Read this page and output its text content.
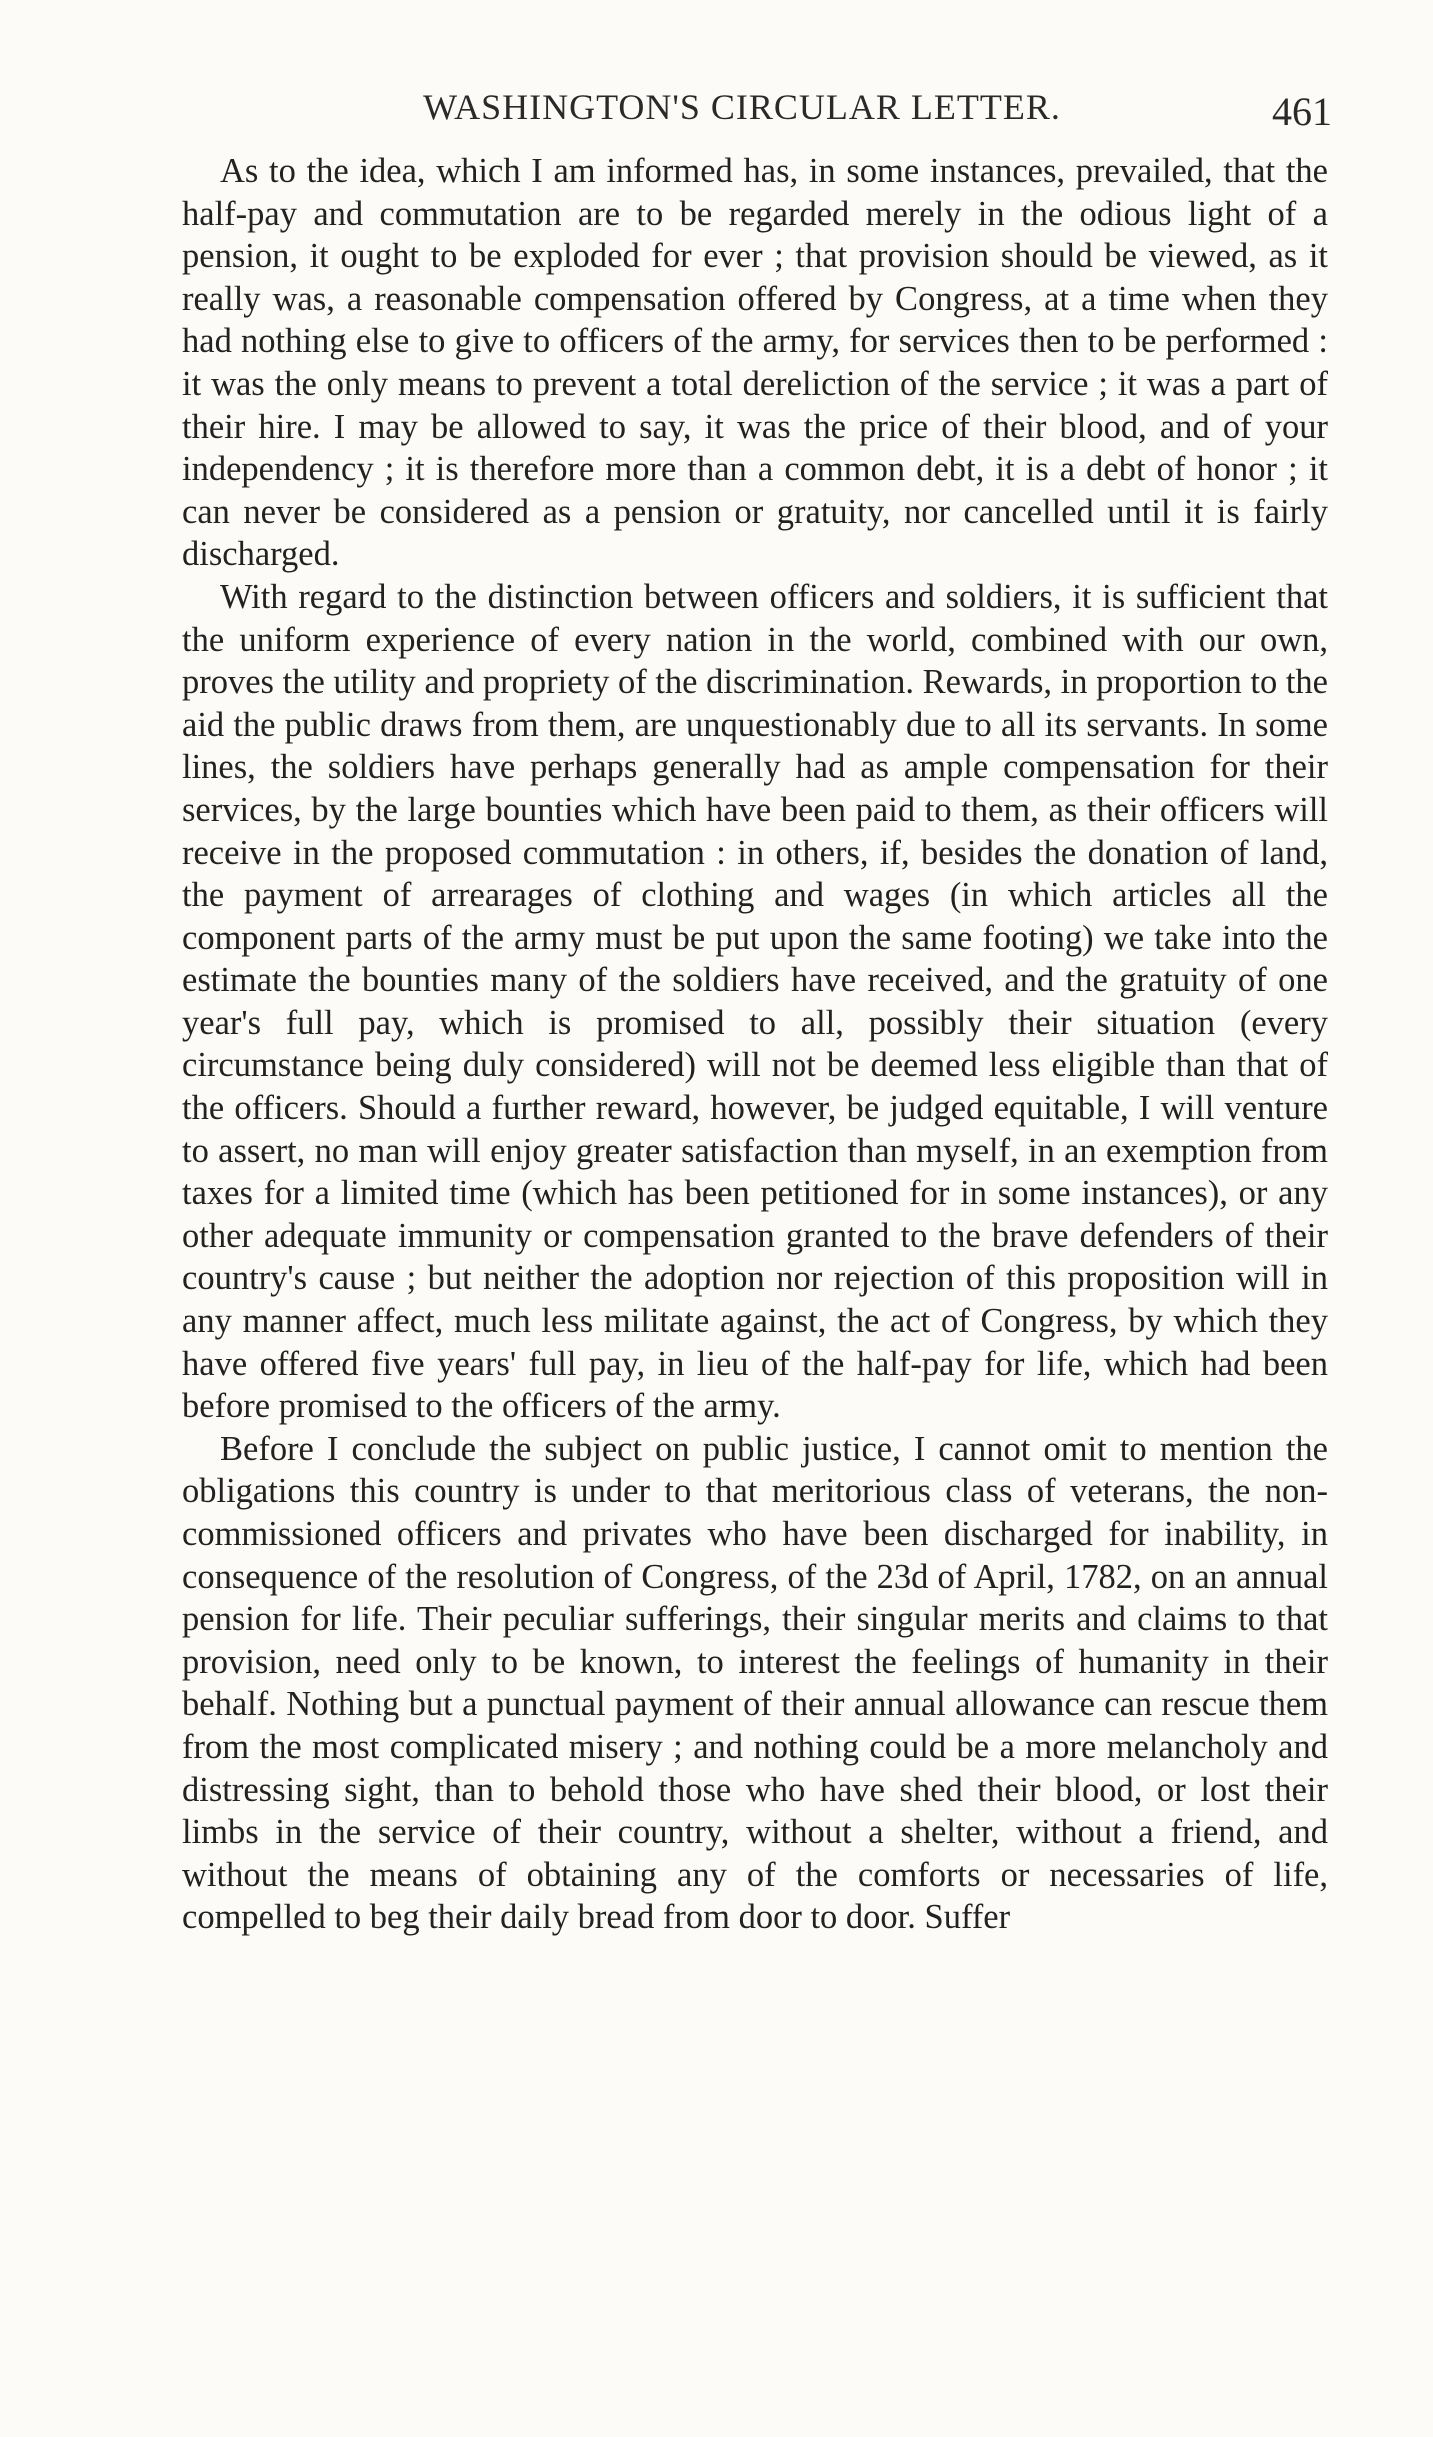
WASHINGTON'S CIRCULAR LETTER.	461

As to the idea, which I am informed has, in some instances, prevailed, that the half-pay and commutation are to be regarded merely in the odious light of a pension, it ought to be exploded for ever ; that provision should be viewed, as it really was, a reasonable compensation offered by Congress, at a time when they had nothing else to give to officers of the army, for services then to be performed : it was the only means to prevent a total dereliction of the service ; it was a part of their hire. I may be allowed to say, it was the price of their blood, and of your independency ; it is therefore more than a common debt, it is a debt of honor ; it can never be considered as a pension or gratuity, nor cancelled until it is fairly discharged.

With regard to the distinction between officers and soldiers, it is sufficient that the uniform experience of every nation in the world, combined with our own, proves the utility and propriety of the discrimination. Rewards, in proportion to the aid the public draws from them, are unquestionably due to all its servants. In some lines, the soldiers have perhaps generally had as ample compensation for their services, by the large bounties which have been paid to them, as their officers will receive in the proposed commutation : in others, if, besides the donation of land, the payment of arrearages of clothing and wages (in which articles all the component parts of the army must be put upon the same footing) we take into the estimate the bounties many of the soldiers have received, and the gratuity of one year's full pay, which is promised to all, possibly their situation (every circumstance being duly considered) will not be deemed less eligible than that of the officers. Should a further reward, however, be judged equitable, I will venture to assert, no man will enjoy greater satisfaction than myself, in an exemption from taxes for a limited time (which has been petitioned for in some instances), or any other adequate immunity or compensation granted to the brave defenders of their country's cause ; but neither the adoption nor rejection of this proposition will in any manner affect, much less militate against, the act of Congress, by which they have offered five years' full pay, in lieu of the half-pay for life, which had been before promised to the officers of the army.

Before I conclude the subject on public justice, I cannot omit to mention the obligations this country is under to that meritorious class of veterans, the non-commissioned officers and privates who have been discharged for inability, in consequence of the resolution of Congress, of the 23d of April, 1782, on an annual pension for life. Their peculiar sufferings, their singular merits and claims to that provision, need only to be known, to interest the feelings of humanity in their behalf. Nothing but a punctual payment of their annual allowance can rescue them from the most complicated misery ; and nothing could be a more melancholy and distressing sight, than to behold those who have shed their blood, or lost their limbs in the service of their country, without a shelter, without a friend, and without the means of obtaining any of the comforts or necessaries of life, compelled to beg their daily bread from door to door. Suffer
